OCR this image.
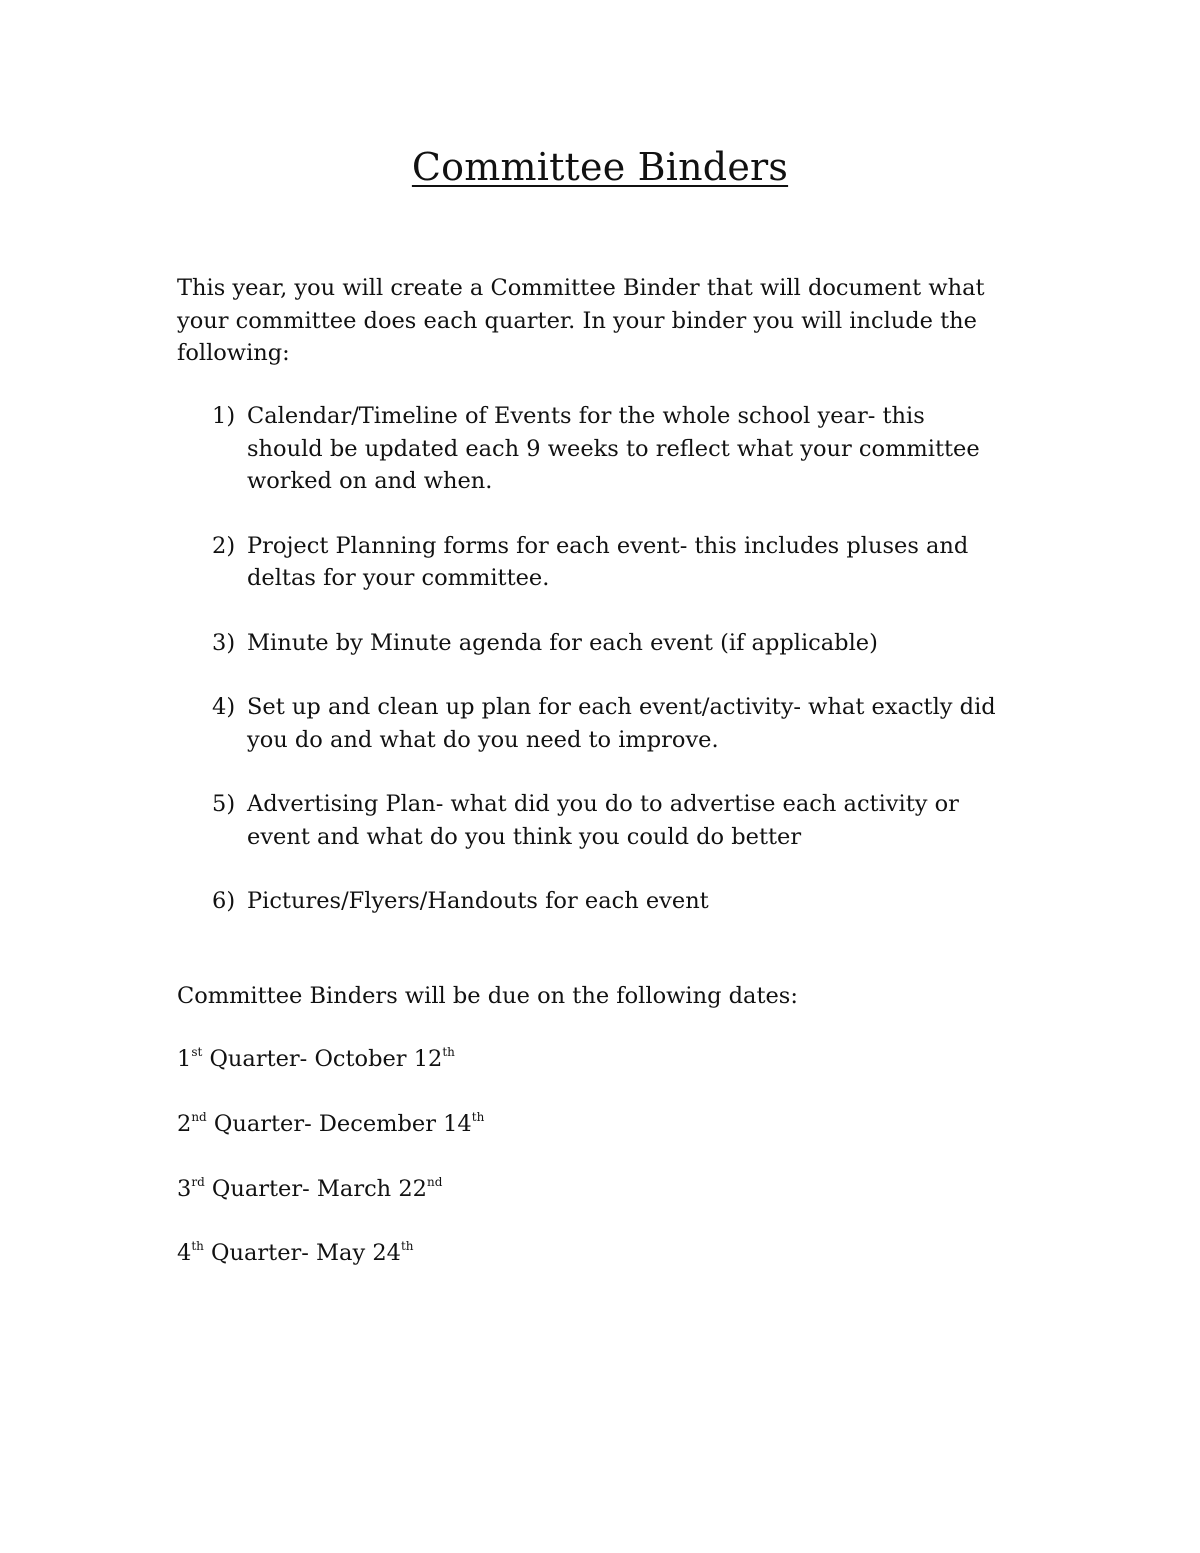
Committee Binders
This year, you will create a Committee Binder that will document what
your committee does each quarter. In your binder you will include the
following:
1) Calendar/Timeline of Events for the whole school year- this
should be updated each 9 weeks to reflect what your committee
worked on and when.
2) Project Planning forms for each event- this includes pluses and
deltas for your committee.
3) Minute by Minute agenda for each event (if applicable)
4) Set up and clean up plan for each event/activity- what exactly did
you do and what do you need to improve.
5) Advertising Plan- what did you do to advertise each activity or
event and what do you think you could do better
6) Pictures/Flyers/Handouts for each event
Committee Binders will be due on the following dates:
1st Quarter- October 12th
2nd Quarter- December 14th
3rd Quarter- March 22nd
4th Quarter- May 24th
